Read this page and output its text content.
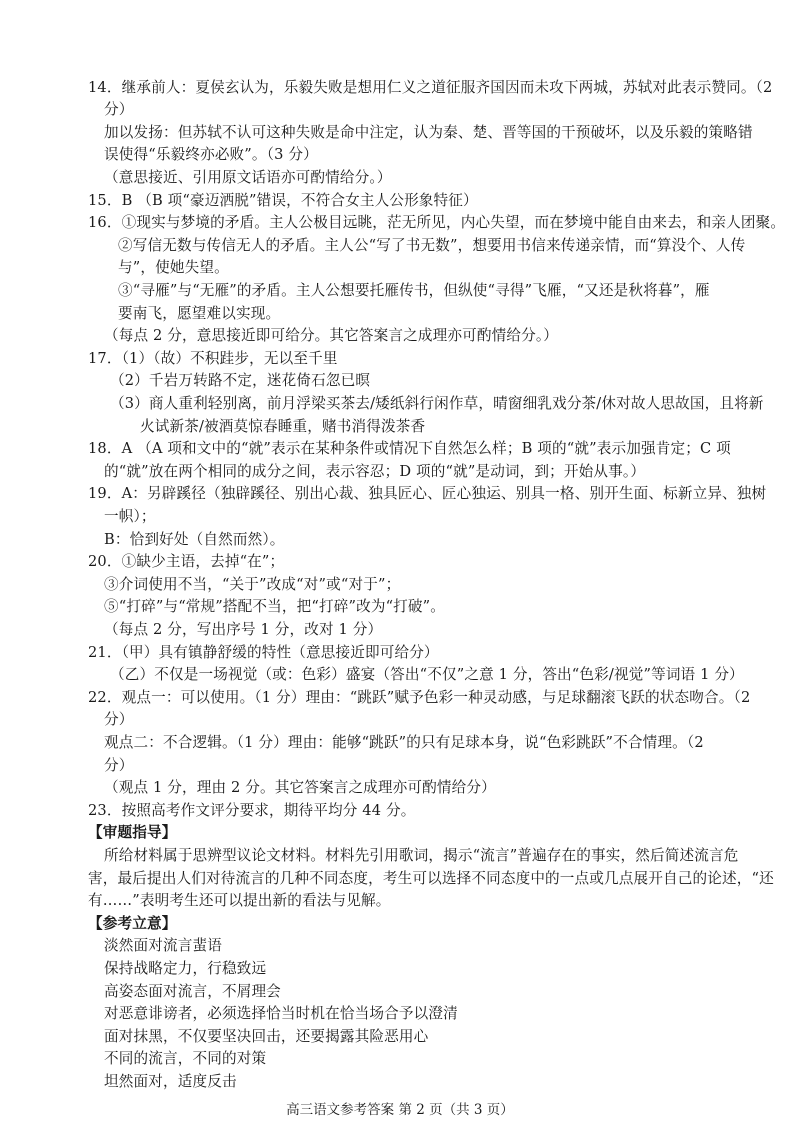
14．继承前人：夏侯玄认为，乐毅失败是想用仁义之道征服齐国因而未攻下两城，苏轼对此表示赞同。（2
分）
加以发扬：但苏轼不认可这种失败是命中注定，认为秦、楚、晋等国的干预破坏，以及乐毅的策略错
误使得“乐毅终亦必败”。（3 分）
（意思接近、引用原文话语亦可酌情给分。）
15．B （B 项“豪迈洒脱”错误，不符合女主人公形象特征）
16．①现实与梦境的矛盾。主人公极目远眺，茫无所见，内心失望，而在梦境中能自由来去，和亲人团聚。
②写信无数与传信无人的矛盾。主人公“写了书无数”，想要用书信来传递亲情，而“算没个、人传
与”，使她失望。
③“寻雁”与“无雁”的矛盾。主人公想要托雁传书，但纵使“寻得”飞雁，“又还是秋将暮”，雁
要南飞，愿望难以实现。
（每点 2 分，意思接近即可给分。其它答案言之成理亦可酌情给分。）
17．（1）（故）不积跬步，无以至千里
（2）千岩万转路不定，迷花倚石忽已暝
（3）商人重利轻别离，前月浮梁买茶去/矮纸斜行闲作草，晴窗细乳戏分茶/休对故人思故国，且将新
火试新茶/被酒莫惊春睡重，赌书消得泼茶香
18．A （A 项和文中的“就”表示在某种条件或情况下自然怎么样；B 项的“就”表示加强肯定；C 项
的“就”放在两个相同的成分之间，表示容忍；D 项的“就”是动词，到；开始从事。）
19．A：另辟蹊径（独辟蹊径、别出心裁、独具匠心、匠心独运、别具一格、别开生面、标新立异、独树
一帜）；
B：恰到好处（自然而然）。
20．①缺少主语，去掉“在”；
③介词使用不当，“关于”改成“对”或“对于”；
⑤“打碎”与“常规”搭配不当，把“打碎”改为“打破”。
（每点 2 分，写出序号 1 分，改对 1 分）
21．（甲）具有镇静舒缓的特性（意思接近即可给分）
（乙）不仅是一场视觉（或：色彩）盛宴（答出“不仅”之意 1 分，答出“色彩/视觉”等词语 1 分）
22．观点一：可以使用。（1 分）理由：“跳跃”赋予色彩一种灵动感，与足球翻滚飞跃的状态吻合。（2
分）
观点二：不合逻辑。（1 分）理由：能够“跳跃”的只有足球本身，说“色彩跳跃”不合情理。（2
分）
（观点 1 分，理由 2 分。其它答案言之成理亦可酌情给分）
23．按照高考作文评分要求，期待平均分 44 分。
【审题指导】
所给材料属于思辨型议论文材料。材料先引用歌词，揭示“流言”普遍存在的事实，然后简述流言危
害，最后提出人们对待流言的几种不同态度，考生可以选择不同态度中的一点或几点展开自己的论述，“还
有……”表明考生还可以提出新的看法与见解。
【参考立意】
淡然面对流言蜚语
保持战略定力，行稳致远
高姿态面对流言，不屑理会
对恶意诽谤者，必须选择恰当时机在恰当场合予以澄清
面对抹黑，不仅要坚决回击，还要揭露其险恶用心
不同的流言，不同的对策
坦然面对，适度反击
高三语文参考答案 第 2 页（共 3 页）
